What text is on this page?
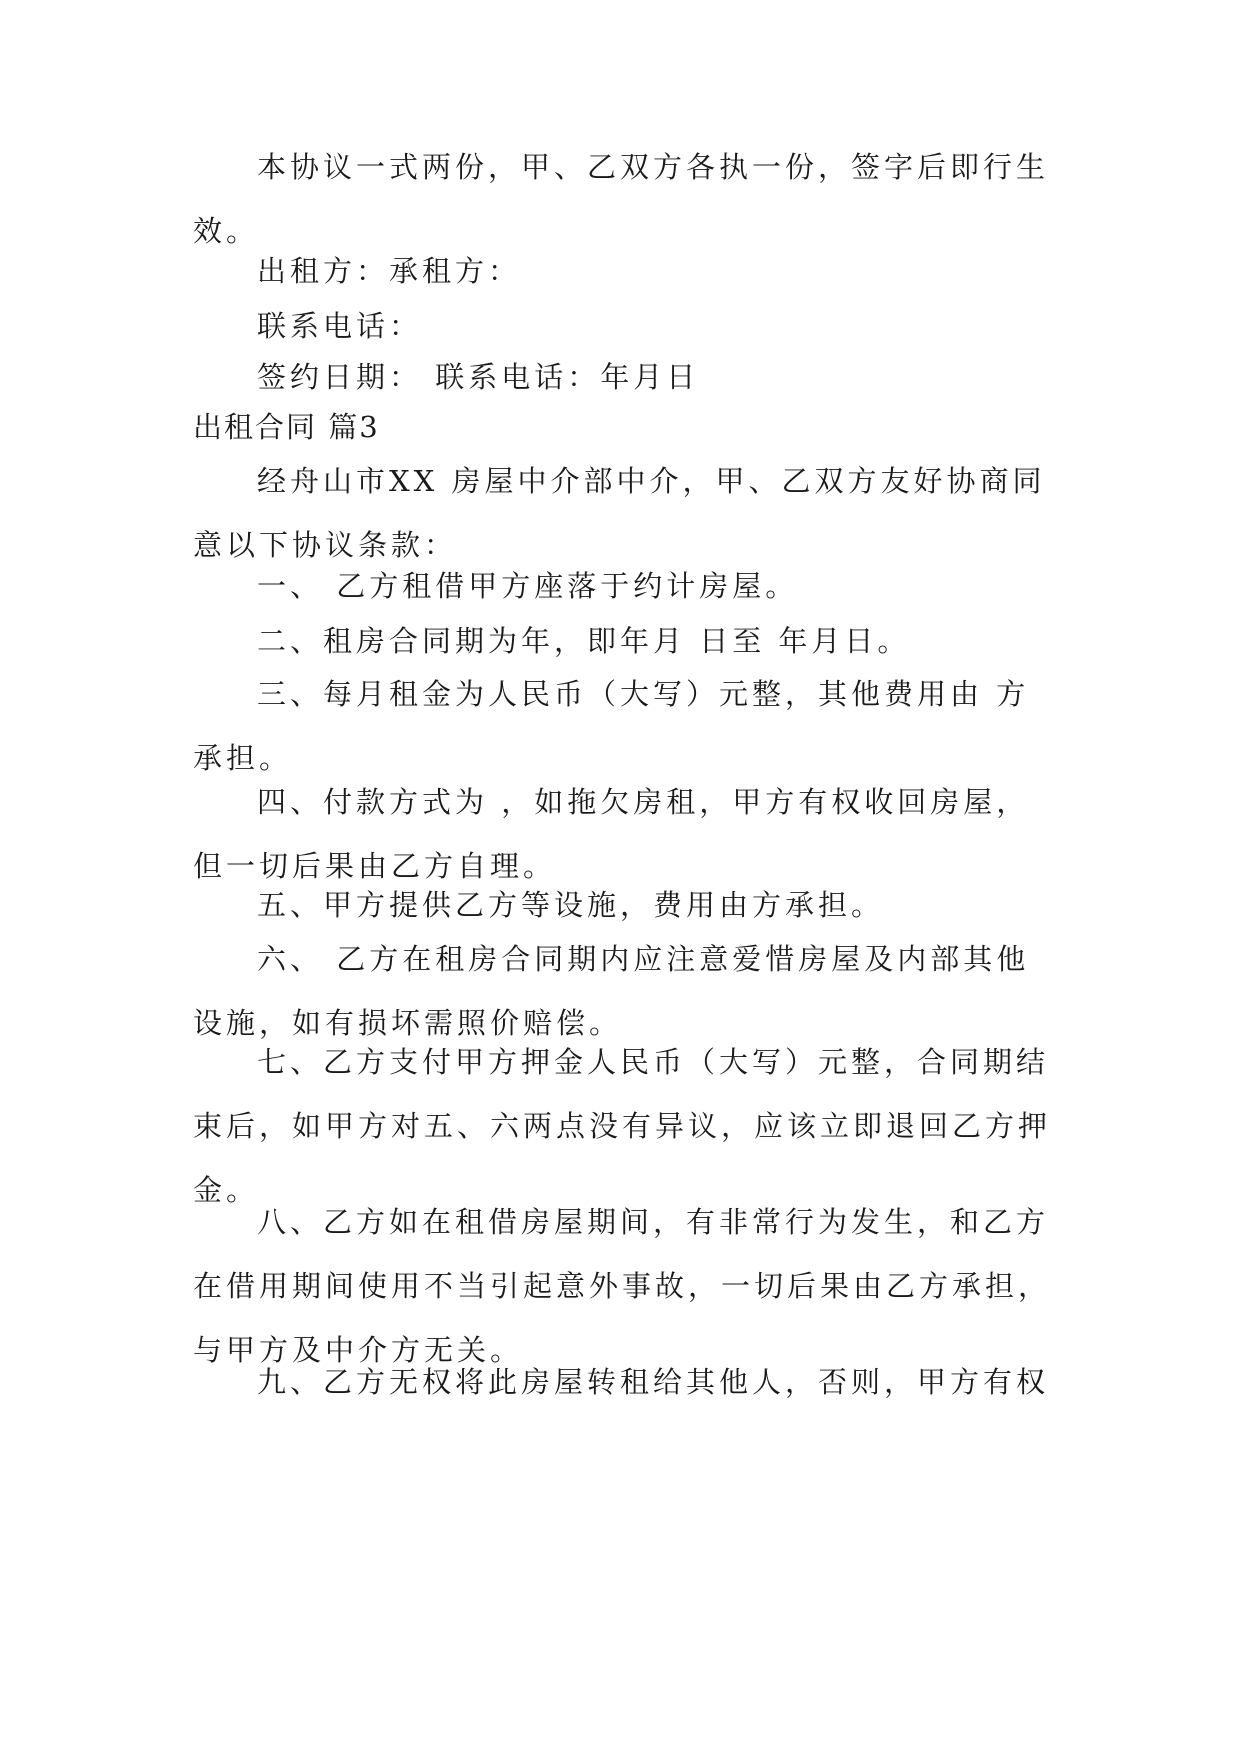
本协议一式两份，甲、乙双方各执一份，签字后即行生效。

出租方：承租方：

联系电话：

签约日期： 联系电话：年月日

出租合同 篇3

经舟山市XX 房屋中介部中介，甲、乙双方友好协商同意以下协议条款：

一、 乙方租借甲方座落于约计房屋。

二、租房合同期为年，即年月 日至 年月日。

三、每月租金为人民币（大写）元整，其他费用由 方承担。

四、付款方式为 ，如拖欠房租，甲方有权收回房屋，但一切后果由乙方自理。

五、甲方提供乙方等设施，费用由方承担。

六、 乙方在租房合同期内应注意爱惜房屋及内部其他设施，如有损坏需照价赔偿。

七、乙方支付甲方押金人民币（大写）元整，合同期结束后，如甲方对五、六两点没有异议，应该立即退回乙方押金。

八、乙方如在租借房屋期间，有非常行为发生，和乙方在借用期间使用不当引起意外事故，一切后果由乙方承担，与甲方及中介方无关。

九、乙方无权将此房屋转租给其他人，否则，甲方有权
